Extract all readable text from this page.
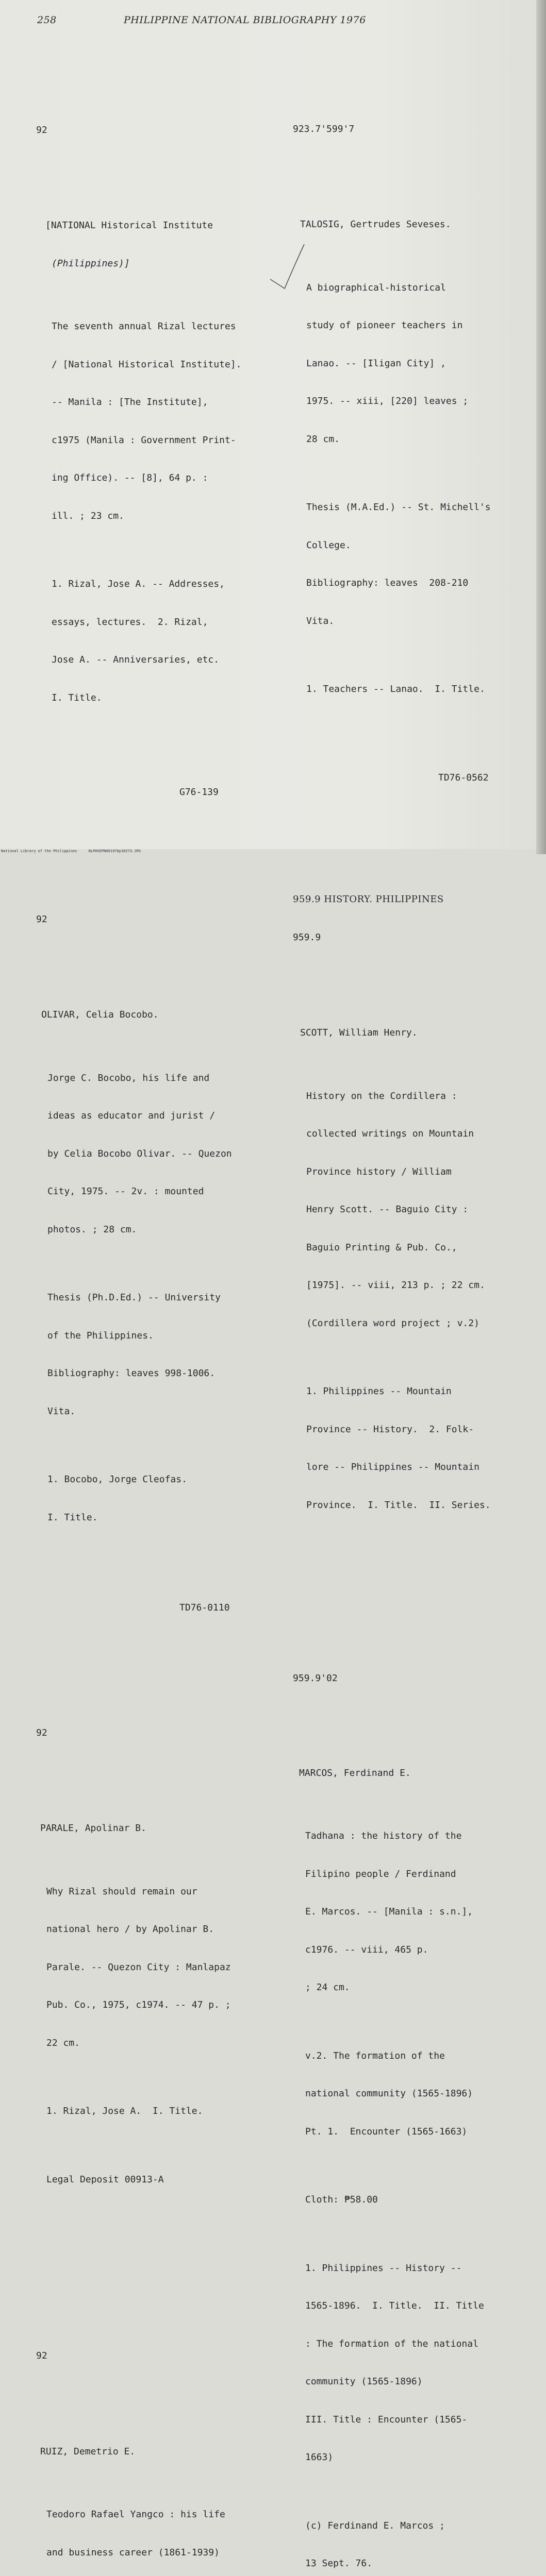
258	PHILIPPINE NATIONAL BIBLIOGRAPHY 1976

92

[NATIONAL Historical Institute

(Philippines)]

The seventh annual Rizal lectures

/ [National Historical Institute].

-- Manila : [The Institute],

c1975 (Manila : Government Print-

ing Office). -- [8], 64 p. :

ill. ; 23 cm.

1. Rizal, Jose A. -- Addresses,

essays, lectures.  2. Rizal,

Jose A. -- Anniversaries, etc.

I. Title.

G76-139

92

OLIVAR, Celia Bocobo.

Jorge C. Bocobo, his life and

ideas as educator and jurist /

by Celia Bocobo Olivar. -- Quezon

City, 1975. -- 2v. : mounted

photos. ; 28 cm.

Thesis (Ph.D.Ed.) -- University

of the Philippines.

Bibliography: leaves 998-1006.

Vita.

1. Bocobo, Jorge Cleofas.

I. Title.

TD76-0110

92

PARALE, Apolinar B.

Why Rizal should remain our

national hero / by Apolinar B.

Parale. -- Quezon City : Manlapaz

Pub. Co., 1975, c1974. -- 47 p. ;

22 cm.

1. Rizal, Jose A.  I. Title.

Legal Deposit 00913-A

92

RUIZ, Demetrio E.

Teodoro Rafael Yangco : his life

and business career (1861-1939)

923.7'599'7

TALOSIG, Gertrudes Seveses.

A biographical-historical

study of pioneer teachers in

Lanao. -- [Iligan City] ,

1975. -- xiii, [220] leaves ;

28 cm.

Thesis (M.A.Ed.) -- St. Michell's

College.

Bibliography: leaves  208-210

Vita.

1. Teachers -- Lanao.  I. Title.

TD76-0562

959.9 HISTORY. PHILIPPINES

959.9

SCOTT, William Henry.

History on the Cordillera :

collected writings on Mountain

Province history / William

Henry Scott. -- Baguio City :

Baguio Printing & Pub. Co.,

[1975]. -- viii, 213 p. ; 22 cm.

(Cordillera word project ; v.2)

1. Philippines -- Mountain

Province -- History.  2. Folk-

lore -- Philippines -- Mountain

Province.  I. Title.  II. Series.

959.9'02

MARCOS, Ferdinand E.

Tadhana : the history of the

Filipino people / Ferdinand

E. Marcos. -- [Manila : s.n.],

c1976. -- viii, 465 p.

; 24 cm.

v.2. The formation of the

national community (1565-1896)

Pt. 1.  Encounter (1565-1663)

Cloth: ₱58.00

1. Philippines -- History --

1565-1896.  I. Title.  II. Title

: The formation of the national

community (1565-1896)

III. Title : Encounter (1565-

1663)

(c) Ferdinand E. Marcos ;

13 Sept. 76.

National Library of the Philippines	NLPHSEPN091976p10273.JPG
